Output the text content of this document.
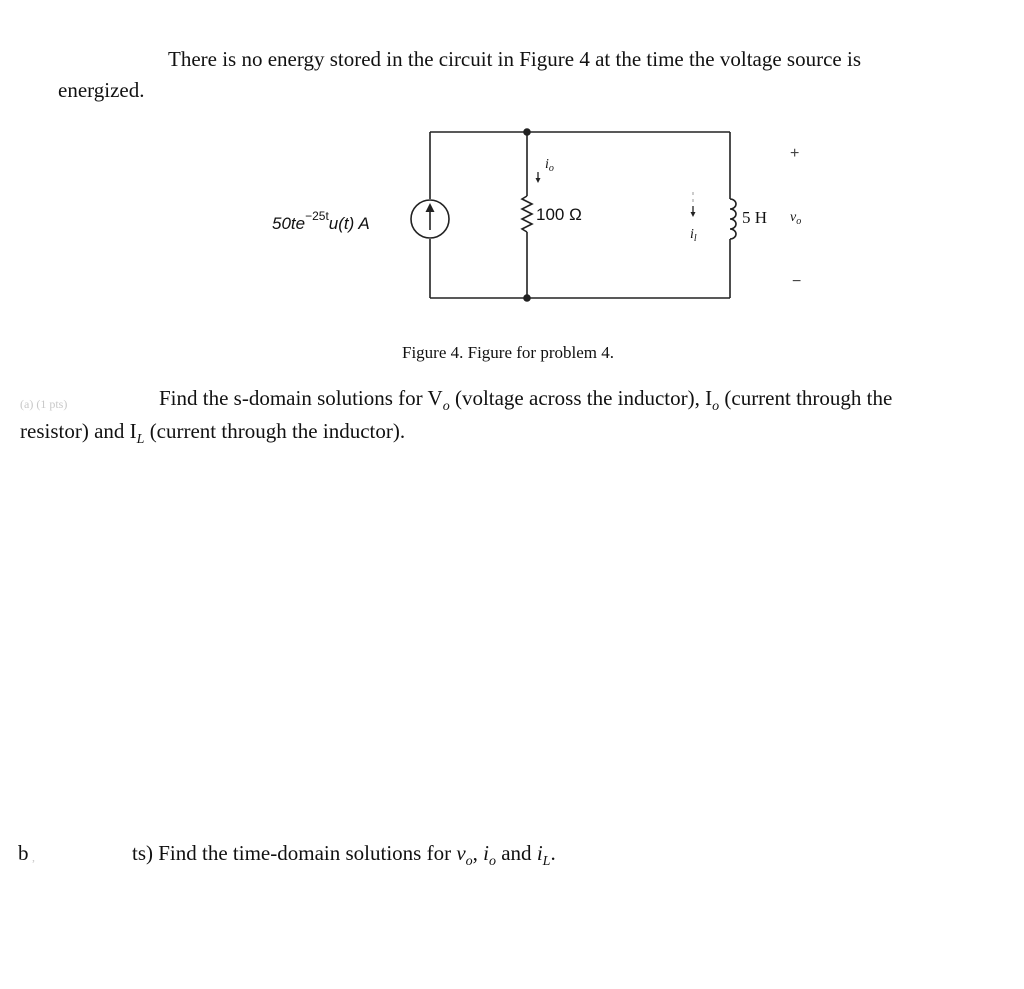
There is no energy stored in the circuit in Figure 4 at the time the voltage source is
energized.
$50te^{-25t}u(t)$ A
$i_o$
100 Ω	5 H $v_o$
$i_l$
+
−
Figure 4. Figure for problem 4.
(a) (1 pts)	Find the s-domain solutions for $V_o$ (voltage across the inductor), $I_o$ (current through the
resistor) and $I_L$ (current through the inductor).
b ,	ts) Find the time-domain solutions for $v_o$, $i_o$ and $i_L$.
